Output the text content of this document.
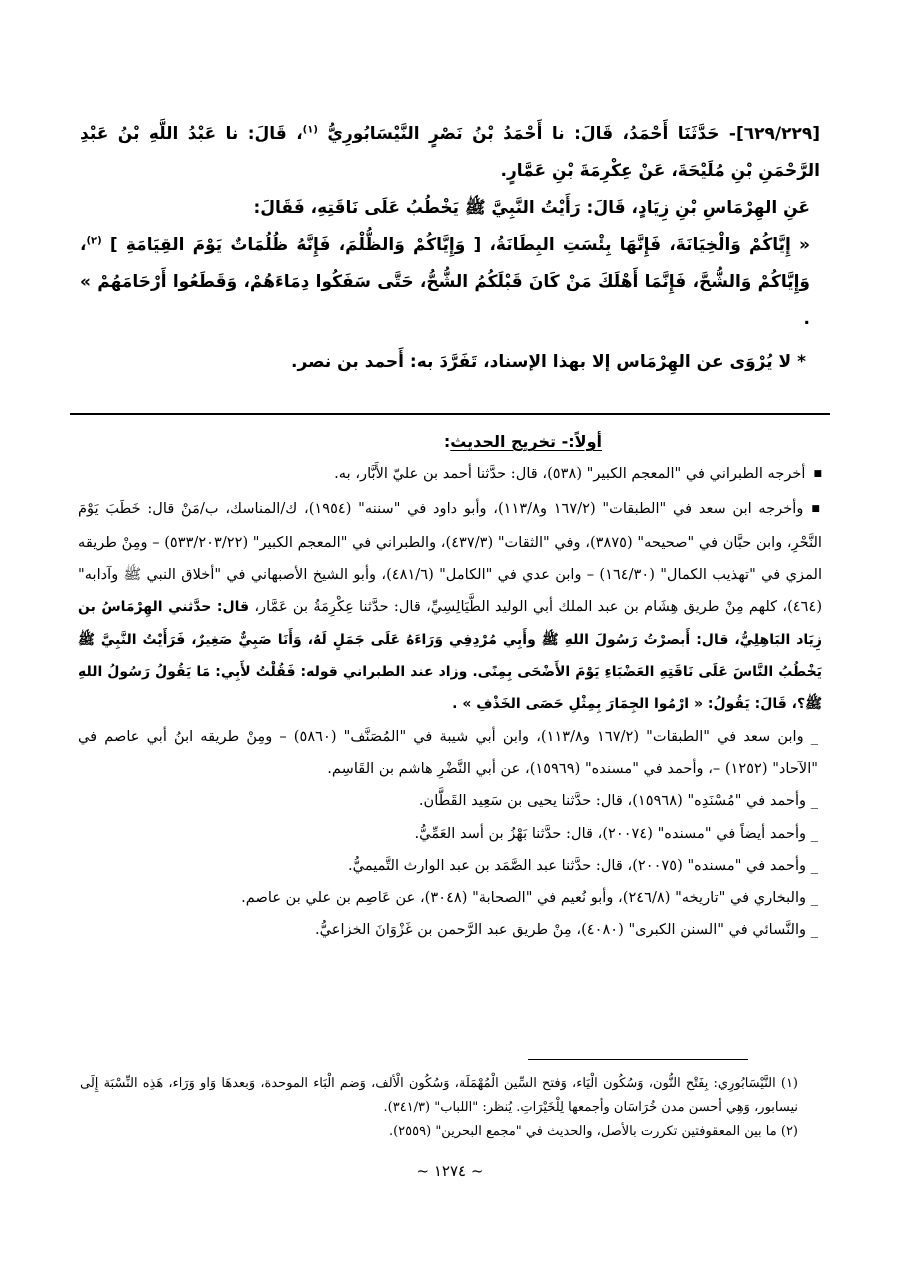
[٦٢٩/٢٢٩]- حَدَّثَنَا أَحْمَدُ، قَالَ: نا أَحْمَدُ بْنُ نَصْرٍ النَّيْسَابُورِيُّ $^{(١)}$، قَالَ: نا عَبْدُ اللَّهِ بْنُ عَبْدِ الرَّحْمَنِ بْنِ مُلَيْحَةَ، عَنْ عِكْرِمَةَ بْنِ عَمَّارٍ.

عَنِ الهِرْمَاسِ بْنِ زِيَادٍ، قَالَ: رَأَيْتُ النَّبِيَّ ﷺ يَخْطُبُ عَلَى نَاقَتِهِ، فَقَالَ:

« إِيَّاكُمْ وَالْخِيَانَةَ، فَإِنَّهَا بِئْسَتِ البِطَانَةُ، [ وَإِيَّاكُمْ وَالظُّلْمَ، فَإِنَّهُ ظُلُمَاتٌ يَوْمَ القِيَامَةِ ] $^{(٢)}$، وَإِيَّاكُمْ وَالشُّحَّ، فَإِنَّمَا أَهْلَكَ مَنْ كَانَ قَبْلَكُمُ الشُّحُّ، حَتَّى سَفَكُوا دِمَاءَهُمْ، وَقَطَعُوا أَرْحَامَهُمْ » .

* لا يُرْوَى عن الهِرْمَاس إلا بهذا الإسناد، تَفَرَّدَ به: أَحمد بن نصر.

أولاً:- تخريج الحديث:

■ أخرجه الطبراني في "المعجم الكبير" (٥٣٨)، قال: حدَّثنا أحمد بن عليّ الأَبَّار، به.

■ وأخرجه ابن سعد في "الطبقات" (١٦٧/٢ و١١٣/٨)، وأبو داود في "سننه" (١٩٥٤)، ك/المناسك، ب/مَنْ قال: خَطَبَ يَوْمَ النَّحْرِ، وابن حبَّان في "صحيحه" (٣٨٧٥)، وفي "الثقات" (٤٣٧/٣)، والطبراني في "المعجم الكبير" (٥٣٣/٢٠٣/٢٢) – ومِنْ طريقه المزي في "تهذيب الكمال" (١٦٤/٣٠) – وابن عدي في "الكامل" (٤٨١/٦)، وأبو الشيخ الأصبهاني في "أخلاق النبي ﷺ وآدابه" (٤٦٤)، كلهم مِنْ طريق هِشَام بن عبد الملك أبي الوليد الطَّيَالِسِيِّ، قال: حدَّثنا عِكْرِمَةُ بن عَمَّار، قال: حدَّثني الهِرْمَاسُ بن زِيَاد البَاهِلِيُّ، قال: أَبصرْتُ رَسُولَ اللهِ ﷺ وأَبِي مُرْدِفِي وَرَاءَهُ عَلَى جَمَلٍ لَهُ، وَأَنَا صَبِيٌّ صَغِيرٌ، فَرَأَيْتُ النَّبِيَّ ﷺ يَخْطُبُ النَّاسَ عَلَى نَاقَتِهِ العَضْبَاءِ يَوْمَ الأَضْحَى بِمِنًى. وزاد عند الطبراني قوله: فَقُلْتُ لأَبِي: مَا يَقُولُ رَسُولُ اللهِ ﷺ؟، قَالَ: يَقُولُ: « ارْمُوا الجِمَارَ بِمِثْلِ حَصَى الخَذْفِ » .

_ وابن سعد في "الطبقات" (١٦٧/٢ و١١٣/٨)، وابن أبي شيبة في "المُصَنَّف" (٥٨٦٠) – ومِنْ طريقه ابنُ أبي عاصم في "الآحاد" (١٢٥٢) –، وأحمد في "مسنده" (١٥٩٦٩)، عن أبي النَّضْرِ هاشم بن القَاسِم.

_ وأحمد في "مُسْنَدِه" (١٥٩٦٨)، قال: حدَّثنا يحيى بن سَعِيد القَطَّان.

_ وأحمد أيضاً في "مسنده" (٢٠٠٧٤)، قال: حدَّثنا بَهْزُ بن أسد العَمِّيُّ.

_ وأحمد في "مسنده" (٢٠٠٧٥)، قال: حدَّثنا عبد الصَّمَد بن عبد الوارث التَّميميُّ.

_ والبخاري في "تاريخه" (٢٤٦/٨)، وأبو نُعيم في "الصحابة" (٣٠٤٨)، عن عَاصِم بن علي بن عاصم.

_ والنَّسائي في "السنن الكبرى" (٤٠٨٠)، مِنْ طريق عبد الرَّحمن بن غَزْوَانَ الخزاعيُّ.

(١) النَّيْسَابُورِي: بِفَتْح النُّون، وَسُكُون الْيَاء، وَفتح السِّين الْمُهْمَلَة، وَسُكُون الْألف، وَضم الْبَاء الموحدة، وَبعدهَا وَاو وَرَاء، هَذِه النِّسْبَة إِلَى نيسابور، وَهِي أحسن مدن خُرَاسَان وأجمعها لِلْخَيْرَاتِ. يُنظر: "اللباب" (٣٤١/٣).

(٢) ما بين المعقوفتين تكررت بالأصل، والحديث في "مجمع البحرين" (٢٥٥٩).

~ ١٢٧٤ ~
